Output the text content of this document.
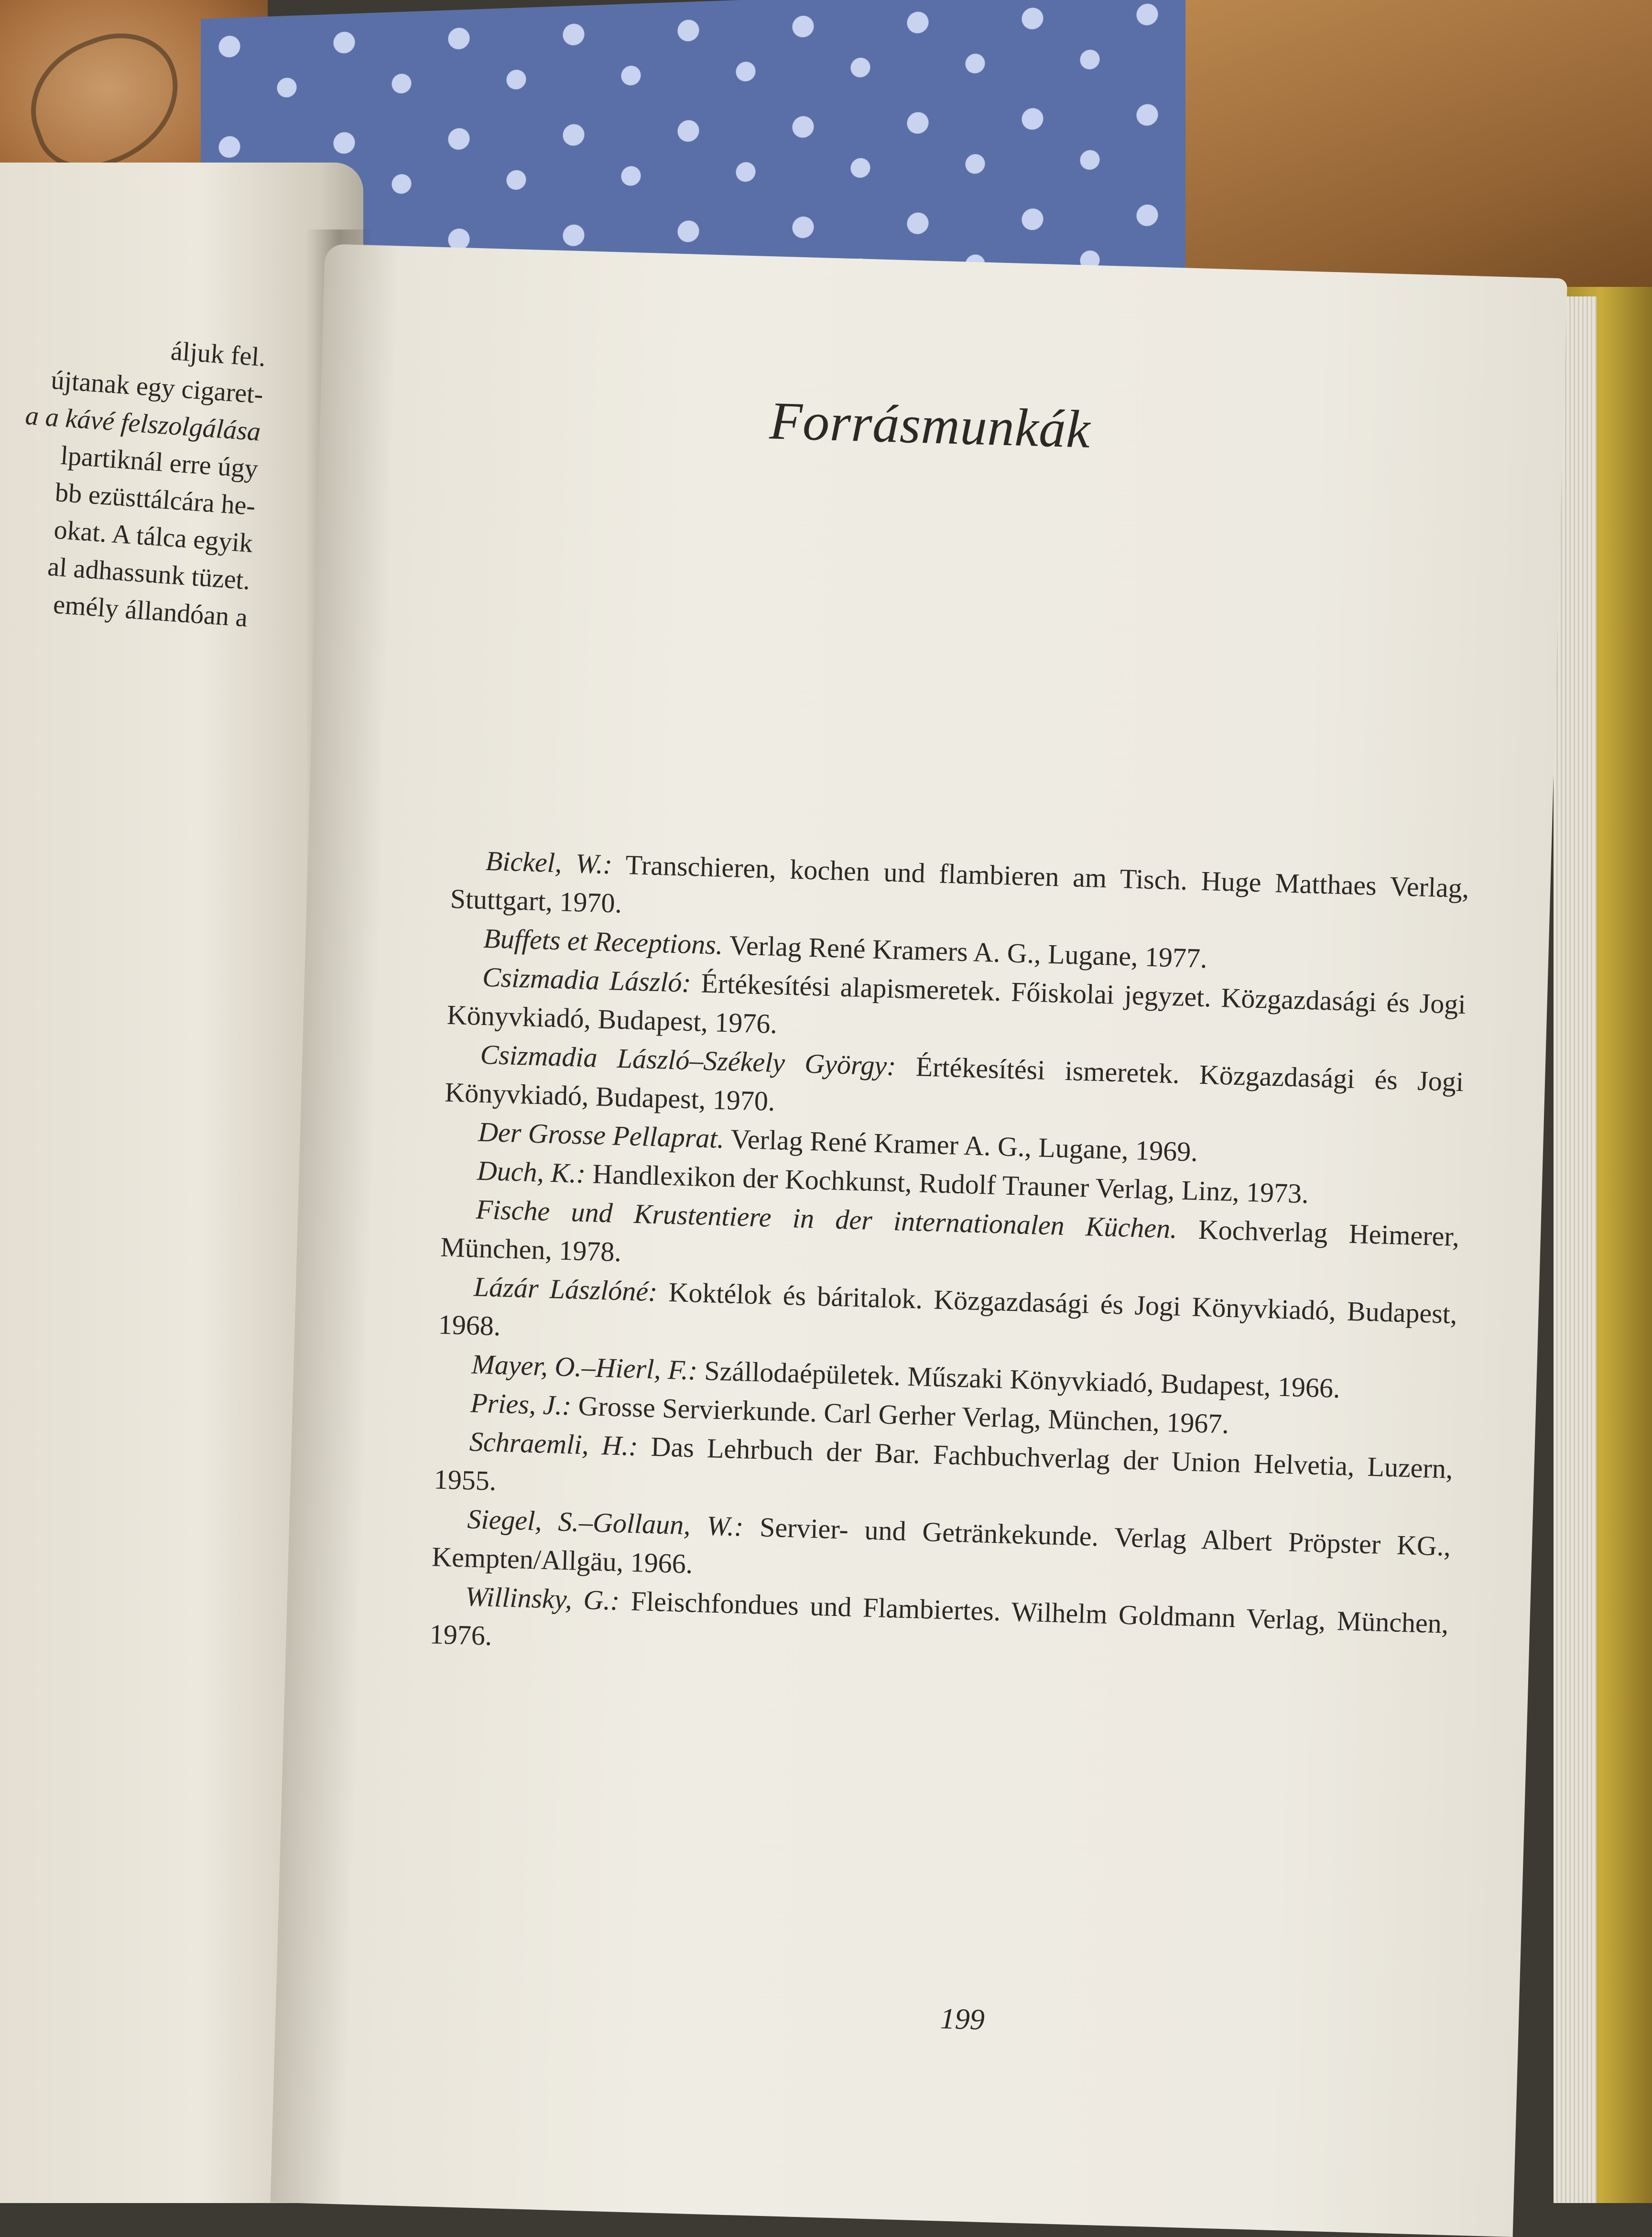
áljuk fel.
újtanak egy cigaret-
a a kávé felszolgálása
lpartiknál erre úgy
bb ezüsttálcára he-
okat. A tálca egyik
al adhassunk tüzet.
emély állandóan a
Forrásmunkák

Bickel, W.: Transchieren, kochen und flambieren am Tisch. Huge Matthaes Verlag, Stuttgart, 1970.

Buffets et Receptions. Verlag René Kramers A. G., Lugane, 1977.

Csizmadia László: Értékesítési alapismeretek. Főiskolai jegyzet. Közgazdasági és Jogi Könyvkiadó, Budapest, 1976.

Csizmadia László–Székely György: Értékesítési ismeretek. Közgazdasági és Jogi Könyvkiadó, Budapest, 1970.

Der Grosse Pellaprat. Verlag René Kramer A. G., Lugane, 1969.

Duch, K.: Handlexikon der Kochkunst, Rudolf Trauner Verlag, Linz, 1973.

Fische und Krustentiere in der internationalen Küchen. Kochverlag Heimerer, München, 1978.

Lázár Lászlóné: Koktélok és báritalok. Közgazdasági és Jogi Könyvkiadó, Budapest, 1968.

Mayer, O.–Hierl, F.: Szállodaépületek. Műszaki Könyvkiadó, Budapest, 1966.

Pries, J.: Grosse Servierkunde. Carl Gerher Verlag, München, 1967.

Schraemli, H.: Das Lehrbuch der Bar. Fachbuchverlag der Union Helvetia, Luzern, 1955.

Siegel, S.–Gollaun, W.: Servier- und Getränkekunde. Verlag Albert Pröpster KG., Kempten/Allgäu, 1966.

Willinsky, G.: Fleischfondues und Flambiertes. Wilhelm Goldmann Verlag, München, 1976.

199
